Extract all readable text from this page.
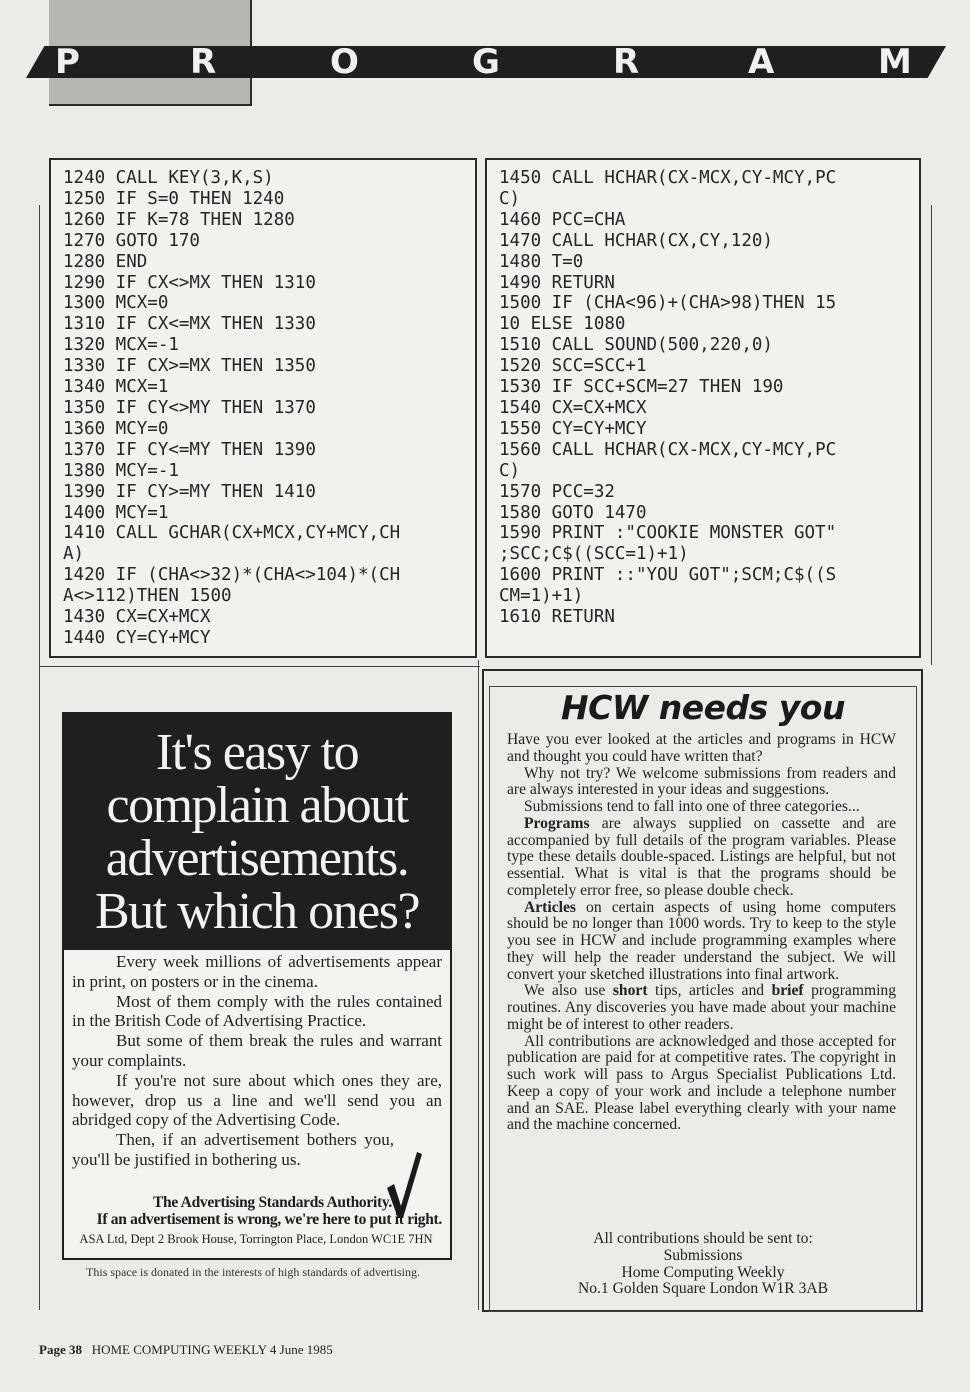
P	R	O	G	R	A	M
1240 CALL KEY(3,K,S)
1250 IF S=0 THEN 1240
1260 IF K=78 THEN 1280
1270 GOTO 170
1280 END
1290 IF CX<>MX THEN 1310
1300 MCX=0
1310 IF CX<=MX THEN 1330
1320 MCX=-1
1330 IF CX>=MX THEN 1350
1340 MCX=1
1350 IF CY<>MY THEN 1370
1360 MCY=0
1370 IF CY<=MY THEN 1390
1380 MCY=-1
1390 IF CY>=MY THEN 1410
1400 MCY=1
1410 CALL GCHAR(CX+MCX,CY+MCY,CH
A)
1420 IF (CHA<>32)*(CHA<>104)*(CH
A<>112)THEN 1500
1430 CX=CX+MCX
1440 CY=CY+MCY
1450 CALL HCHAR(CX-MCX,CY-MCY,PC
C)
1460 PCC=CHA
1470 CALL HCHAR(CX,CY,120)
1480 T=0
1490 RETURN
1500 IF (CHA<96)+(CHA>98)THEN 15
10 ELSE 1080
1510 CALL SOUND(500,220,0)
1520 SCC=SCC+1
1530 IF SCC+SCM=27 THEN 190
1540 CX=CX+MCX
1550 CY=CY+MCY
1560 CALL HCHAR(CX-MCX,CY-MCY,PC
C)
1570 PCC=32
1580 GOTO 1470
1590 PRINT :"COOKIE MONSTER GOT"
;SCC;C$((SCC=1)+1)
1600 PRINT ::"YOU GOT";SCM;C$((S
CM=1)+1)
1610 RETURN
It's easy to
complain about
advertisements.
But which ones?

Every week millions of advertisements appear in print, on posters or in the cinema.

Most of them comply with the rules contained in the British Code of Advertising Practice.

But some of them break the rules and warrant your complaints.

If you're not sure about which ones they are, however, drop us a line and we'll send you an abridged copy of the Advertising Code.

Then, if an advertisement bothers you, you'll be justified in bothering us.

The Advertising Standards Authority.
If an advertisement is wrong, we're here to put it right.
ASA Ltd, Dept 2 Brook House, Torrington Place, London WC1E 7HN
This space is donated in the interests of high standards of advertising.
HCW needs you

Have you ever looked at the articles and programs in HCW and thought you could have written that?

Why not try? We welcome submissions from readers and are always interested in your ideas and suggestions.

Submissions tend to fall into one of three categories...

Programs are always supplied on cassette and are accompanied by full details of the program variables. Please type these details double-spaced. Listings are helpful, but not essential. What is vital is that the programs should be completely error free, so please double check.

Articles on certain aspects of using home computers should be no longer than 1000 words. Try to keep to the style you see in HCW and include programming examples where they will help the reader understand the subject. We will convert your sketched illustrations into final artwork.

We also use short tips, articles and brief programming routines. Any discoveries you have made about your machine might be of interest to other readers.

All contributions are acknowledged and those accepted for publication are paid for at competitive rates. The copyright in such work will pass to Argus Specialist Publications Ltd. Keep a copy of your work and include a telephone number and an SAE. Please label everything clearly with your name and the machine concerned.

All contributions should be sent to:
Submissions
Home Computing Weekly
No.1 Golden Square London W1R 3AB
Page 38 HOME COMPUTING WEEKLY 4 June 1985
